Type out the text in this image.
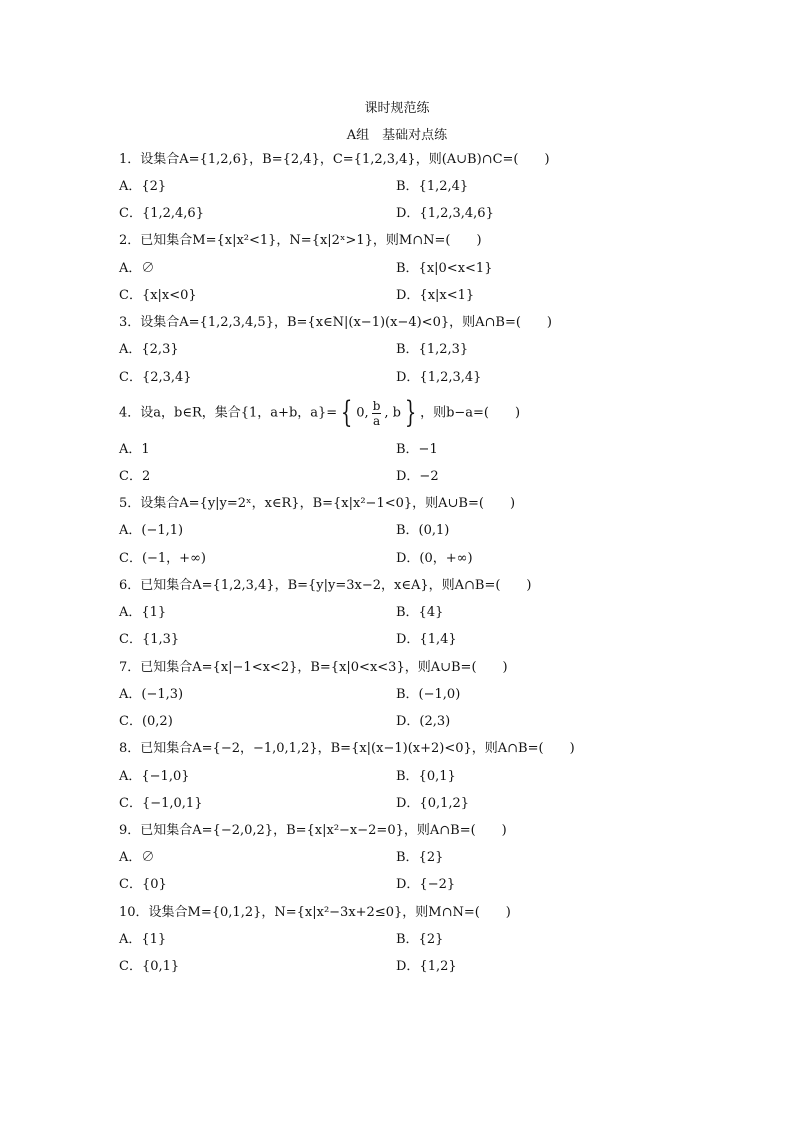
课时规范练
A组　基础对点练
1．设集合A={1,2,6}，B={2,4}，C={1,2,3,4}，则(A∪B)∩C=(　　)
A．{2}	B．{1,2,4}
C．{1,2,4,6}	D．{1,2,3,4,6}
2．已知集合M={x|x²<1}，N={x|2ˣ>1}，则M∩N=(　　)
A．∅	B．{x|0<x<1}
C．{x|x<0}	D．{x|x<1}
3．设集合A={1,2,3,4,5}，B={x∈N|(x−1)(x−4)<0}，则A∩B=(　　)
A．{2,3}	B．{1,2,3}
C．{2,3,4}	D．{1,2,3,4}
4．设a，b∈R，集合{1，a+b，a}= { 0, $\frac{b}{a}$ , b } ，则b−a=(　　)
A．1	B．−1
C．2	D．−2
5．设集合A={y|y=2ˣ，x∈R}，B={x|x²−1<0}，则A∪B=(　　)
A．(−1,1)	B．(0,1)
C．(−1，+∞)	D．(0，+∞)
6．已知集合A={1,2,3,4}，B={y|y=3x−2，x∈A}，则A∩B=(　　)
A．{1}	B．{4}
C．{1,3}	D．{1,4}
7．已知集合A={x|−1<x<2}，B={x|0<x<3}，则A∪B=(　　)
A．(−1,3)	B．(−1,0)
C．(0,2)	D．(2,3)
8．已知集合A={−2，−1,0,1,2}，B={x|(x−1)(x+2)<0}，则A∩B=(　　)
A．{−1,0}	B．{0,1}
C．{−1,0,1}	D．{0,1,2}
9．已知集合A={−2,0,2}，B={x|x²−x−2=0}，则A∩B=(　　)
A．∅	B．{2}
C．{0}	D．{−2}
10．设集合M={0,1,2}，N={x|x²−3x+2≤0}，则M∩N=(　　)
A．{1}	B．{2}
C．{0,1}	D．{1,2}
